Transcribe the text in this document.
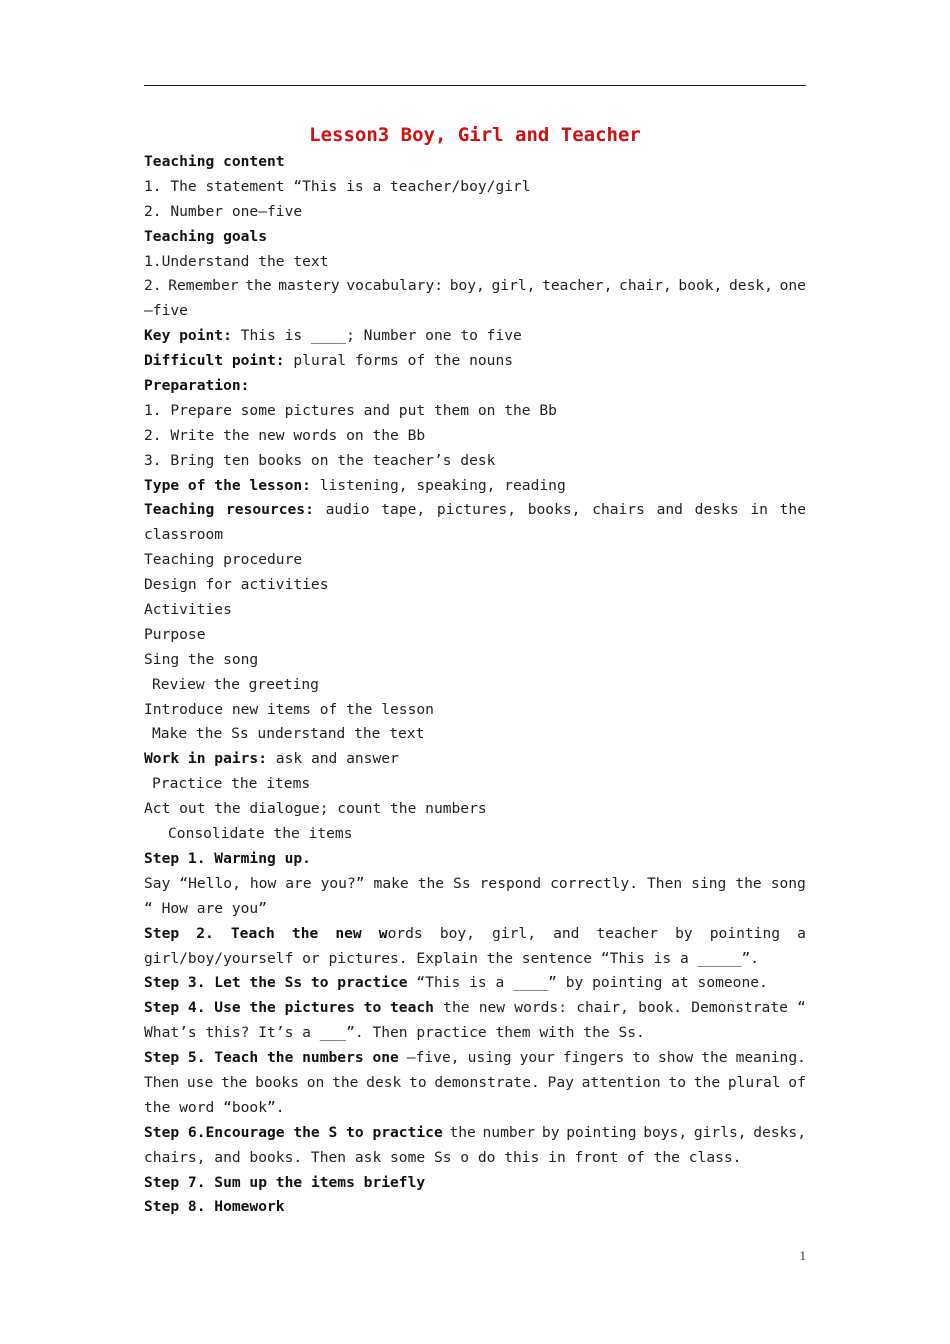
Lesson3 Boy, Girl and Teacher
Teaching content
1. The statement “This is a teacher/boy/girl
2. Number one—five
Teaching goals
1.Understand the text
2. Remember the mastery vocabulary: boy, girl, teacher, chair, book, desk, one
—five
Key point: This is ____; Number one to five
Difficult point: plural forms of the nouns
Preparation:
1. Prepare some pictures and put them on the Bb
2. Write the new words on the Bb
3. Bring ten books on the teacher’s desk
Type of the lesson: listening, speaking, reading
Teaching resources: audio tape, pictures, books, chairs and desks in the
classroom
Teaching procedure
Design for activities
Activities
Purpose
Sing the song
Review the greeting
Introduce new items of the lesson
Make the Ss understand the text
Work in pairs: ask and answer
Practice the items
Act out the dialogue; count the numbers
Consolidate the items
Step 1. Warming up.
Say “Hello, how are you?” make the Ss respond correctly. Then sing the song
“ How are you”
Step 2. Teach the new words boy, girl, and teacher by pointing a
girl/boy/yourself or pictures. Explain the sentence “This is a _____”.
Step 3. Let the Ss to practice “This is a ____” by pointing at someone.
Step 4. Use the pictures to teach the new words: chair, book. Demonstrate “
What’s this? It’s a ___”. Then practice them with the Ss.
Step 5. Teach the numbers one –five, using your fingers to show the meaning.
Then use the books on the desk to demonstrate. Pay attention to the plural of
the word “book”.
Step 6.Encourage the S to practice the number by pointing boys, girls, desks,
chairs, and books. Then ask some Ss o do this in front of the class.
Step 7. Sum up the items briefly
Step 8. Homework
1
